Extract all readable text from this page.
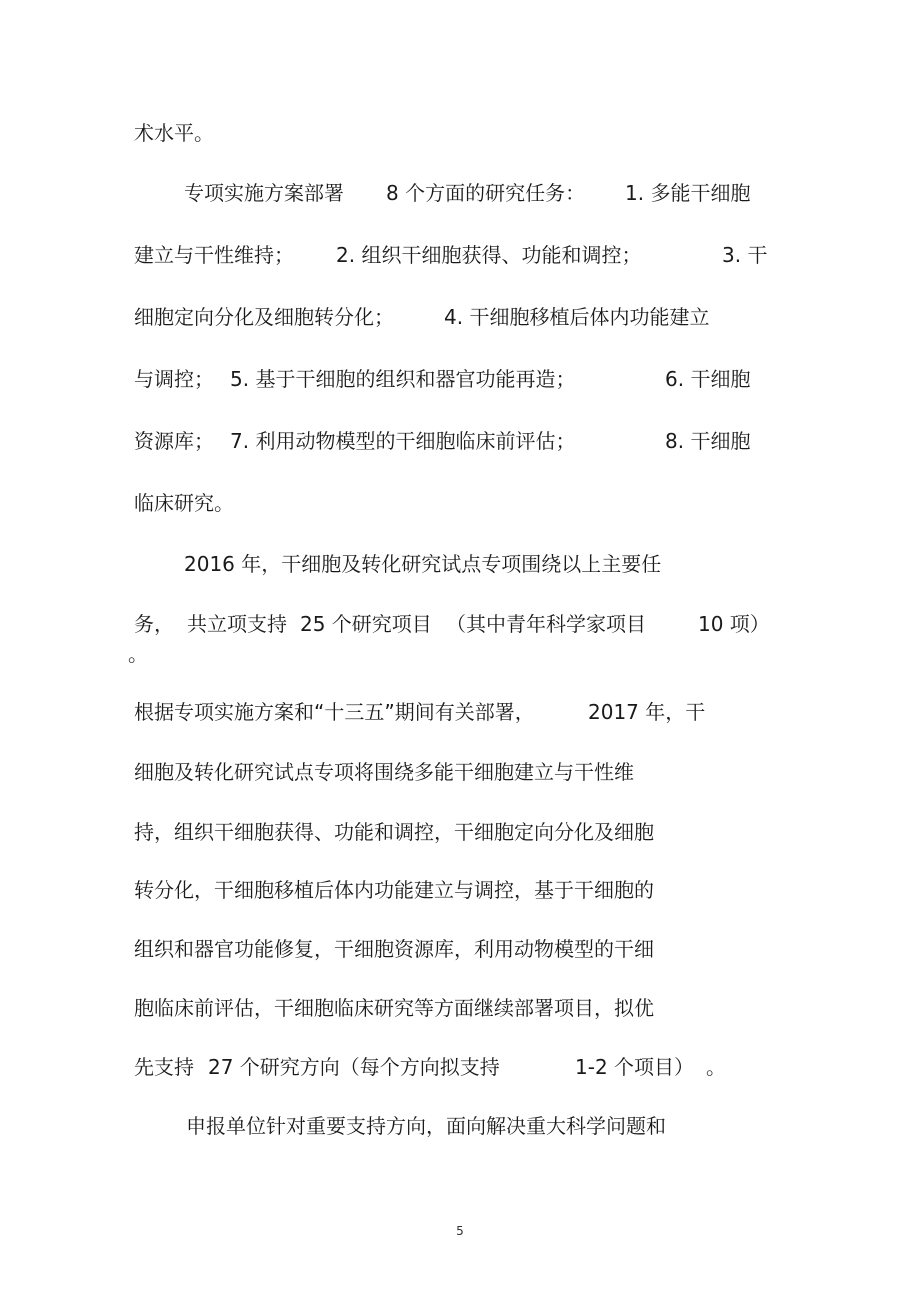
术水平。
专项实施方案部署 8 个方面的研究任务： 1. 多能干细胞
建立与干性维持； 2. 组织干细胞获得、功能和调控；	3. 干
细胞定向分化及细胞转分化；	4. 干细胞移植后体内功能建立
与调控； 5. 基于干细胞的组织和器官功能再造；	6. 干细胞
资源库； 7. 利用动物模型的干细胞临床前评估；	8. 干细胞
临床研究。
2016 年，干细胞及转化研究试点专项围绕以上主要任
务， 共立项支持 25 个研究项目 （其中青年科学家项目	10 项）
。
根据专项实施方案和“十三五”期间有关部署，	2017 年，干
细胞及转化研究试点专项将围绕多能干细胞建立与干性维
持，组织干细胞获得、功能和调控，干细胞定向分化及细胞
转分化，干细胞移植后体内功能建立与调控，基于干细胞的
组织和器官功能修复，干细胞资源库，利用动物模型的干细
胞临床前评估，干细胞临床研究等方面继续部署项目，拟优
先支持 27 个研究方向（每个方向拟支持	1-2 个项目） 。
申报单位针对重要支持方向，面向解决重大科学问题和
5
